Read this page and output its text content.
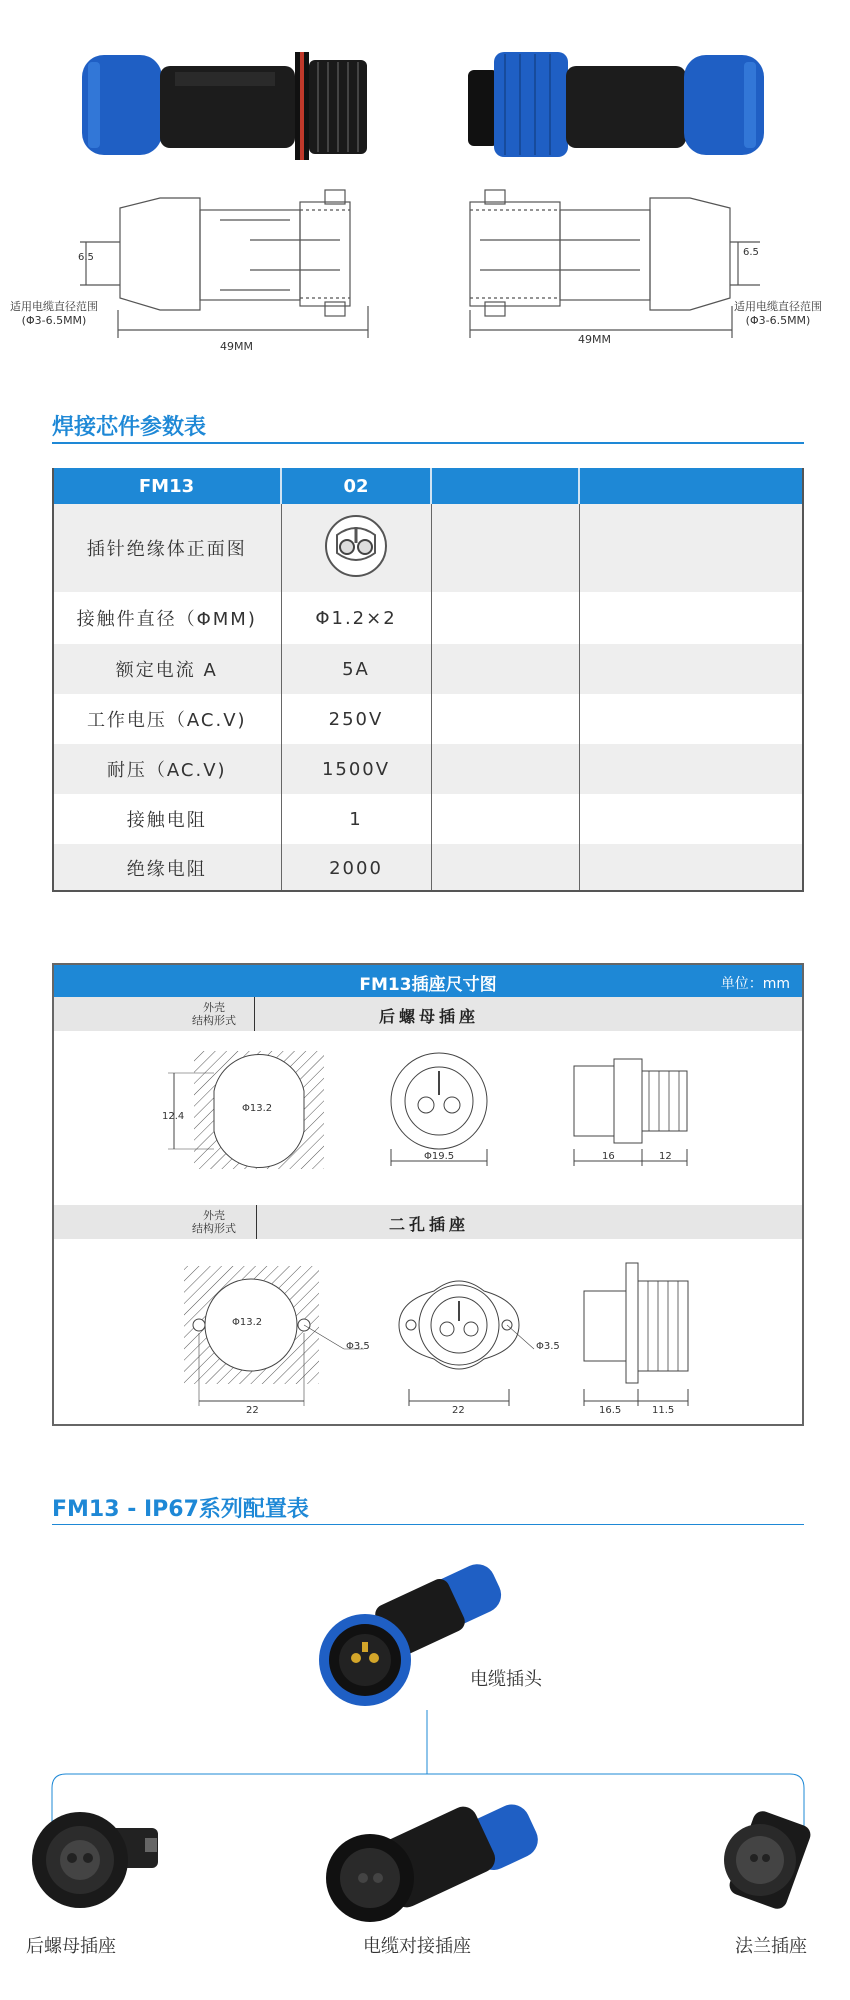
6.5
适用电缆直径范围
(Φ3-6.5MM)
49MM
6.5
适用电缆直径范围
(Φ3-6.5MM)
49MM
焊接芯件参数表
FM13	02		
插针绝缘体正面图			
接触件直径（ΦMM)	Φ1.2×2		
额定电流 A	5A		
工作电压（AC.V)	250V		
耐压（AC.V)	1500V		
接触电阻	1		
绝缘电阻	2000		
FM13插座尺寸图	单位：mm
外壳
结构形式	后螺母插座
12.4
Φ13.2
Φ19.5	16	12
外壳
结构形式	二孔插座
Φ13.2
Φ3.5
22	22
Φ3.5
16.5	11.5
FM13 - IP67系列配置表
电缆插头
后螺母插座	电缆对接插座	法兰插座
